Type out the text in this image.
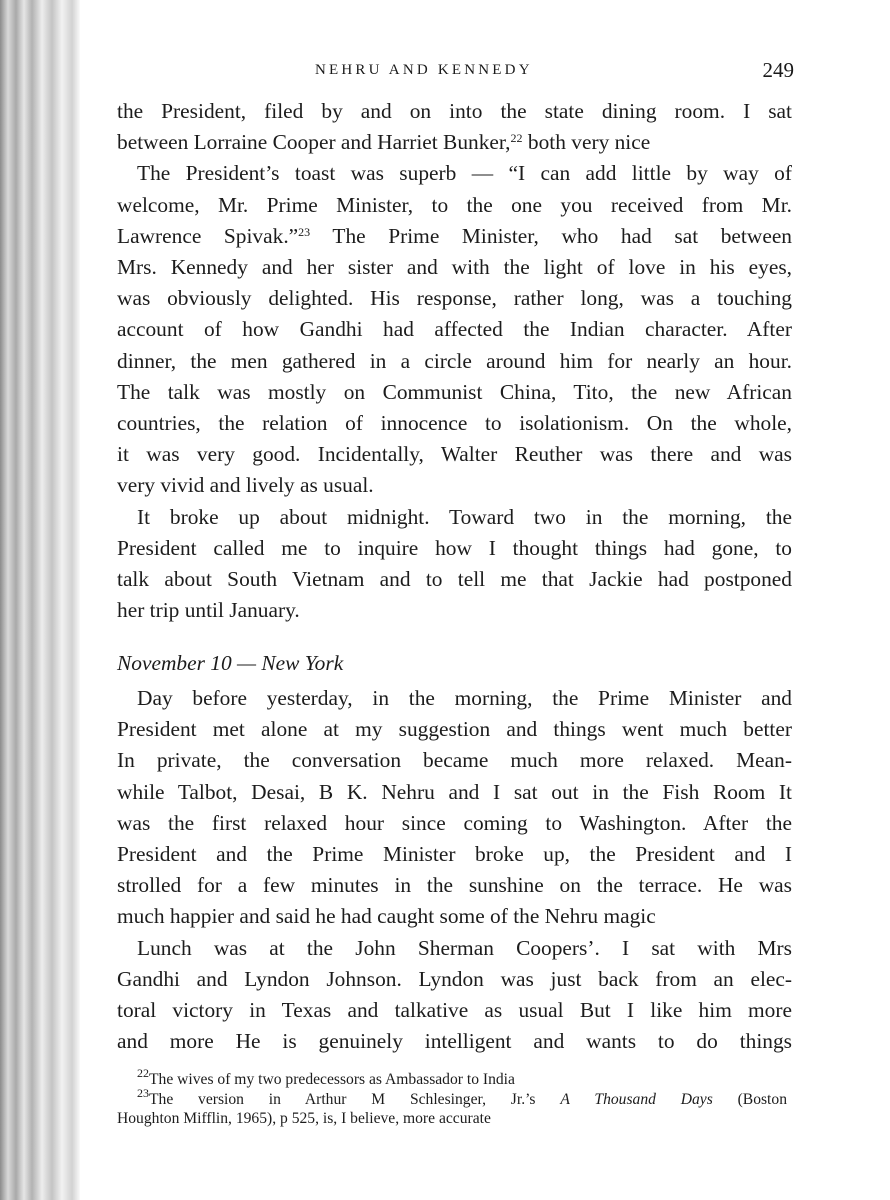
NEHRU AND KENNEDY	249
the President, filed by and on into the state dining room. I sat
between Lorraine Cooper and Harriet Bunker,$^{22}$ both very nice
The President’s toast was superb — “I can add little by way of
welcome, Mr. Prime Minister, to the one you received from Mr.
Lawrence Spivak.”$^{23}$ The Prime Minister, who had sat between
Mrs. Kennedy and her sister and with the light of love in his eyes,
was obviously delighted. His response, rather long, was a touching
account of how Gandhi had affected the Indian character. After
dinner, the men gathered in a circle around him for nearly an hour.
The talk was mostly on Communist China, Tito, the new African
countries, the relation of innocence to isolationism. On the whole,
it was very good. Incidentally, Walter Reuther was there and was
very vivid and lively as usual.
It broke up about midnight. Toward two in the morning, the
President called me to inquire how I thought things had gone, to
talk about South Vietnam and to tell me that Jackie had postponed
her trip until January.
November 10 — New York
Day before yesterday, in the morning, the Prime Minister and
President met alone at my suggestion and things went much better
In private, the conversation became much more relaxed. Mean-
while Talbot, Desai, B K. Nehru and I sat out in the Fish Room It
was the first relaxed hour since coming to Washington. After the
President and the Prime Minister broke up, the President and I
strolled for a few minutes in the sunshine on the terrace. He was
much happier and said he had caught some of the Nehru magic
Lunch was at the John Sherman Coopers’. I sat with Mrs
Gandhi and Lyndon Johnson. Lyndon was just back from an elec-
toral victory in Texas and talkative as usual But I like him more
and more He is genuinely intelligent and wants to do things
$^{22}$The wives of my two predecessors as Ambassador to India
$^{23}$The version in Arthur M Schlesinger, Jr.’s A Thousand Days (Boston
Houghton Mifflin, 1965), p 525, is, I believe, more accurate
